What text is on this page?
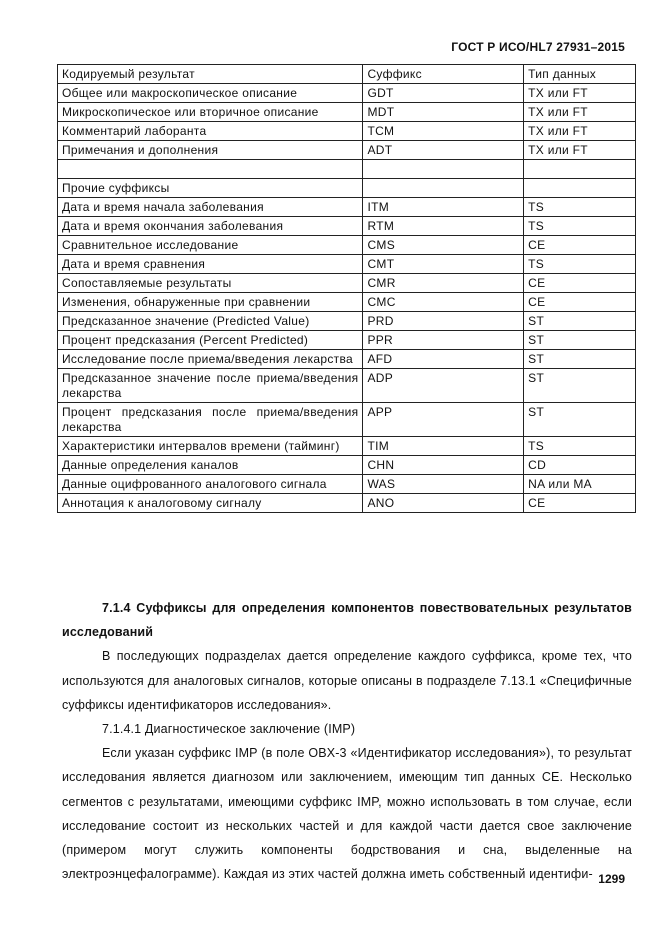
ГОСТ Р ИСО/HL7 27931–2015
Кодируемый результат	Суффикс	Тип данных
Общее или макроскопическое описание	GDT	TX или FT
Микроскопическое или вторичное описание	MDT	TX или FT
Комментарий лаборанта	TCM	TX или FT
Примечания и дополнения	ADT	TX или FT

Прочие суффиксы		
Дата и время начала заболевания	ITM	TS
Дата и время окончания заболевания	RTM	TS
Сравнительное исследование	CMS	CE
Дата и время сравнения	CMT	TS
Сопоставляемые результаты	CMR	CE
Изменения, обнаруженные при сравнении	CMC	CE
Предсказанное значение (Predicted Value)	PRD	ST
Процент предсказания (Percent Predicted)	PPR	ST
Исследование после приема/введения лекарства	AFD	ST
Предсказанное значение после приема/введения лекарства	ADP	ST
Процент предсказания после приема/введения лекарства	APP	ST
Характеристики интервалов времени (тайминг)	TIM	TS
Данные определения каналов	CHN	CD
Данные оцифрованного аналогового сигнала	WAS	NA или MA
Аннотация к аналоговому сигналу	ANO	CE

7.1.4 Суффиксы для определения компонентов повествовательных результатов исследований

В последующих подразделах дается определение каждого суффикса, кроме тех, что используются для аналоговых сигналов, которые описаны в подразделе 7.13.1 «Специфичные суффиксы идентификаторов исследования».

7.1.4.1 Диагностическое заключение (IMP)

Если указан суффикс IMP (в поле OBX-3 «Идентификатор исследования»), то результат исследования является диагнозом или заключением, имеющим тип данных CE. Несколько сегментов с результатами, имеющими суффикс IMP, можно использовать в том случае, если исследование состоит из нескольких частей и для каждой части дается свое заключение (примером могут служить компоненты бодрствования и сна, выделенные на электроэнцефалограмме). Каждая из этих частей должна иметь собственный идентифи- 1299
